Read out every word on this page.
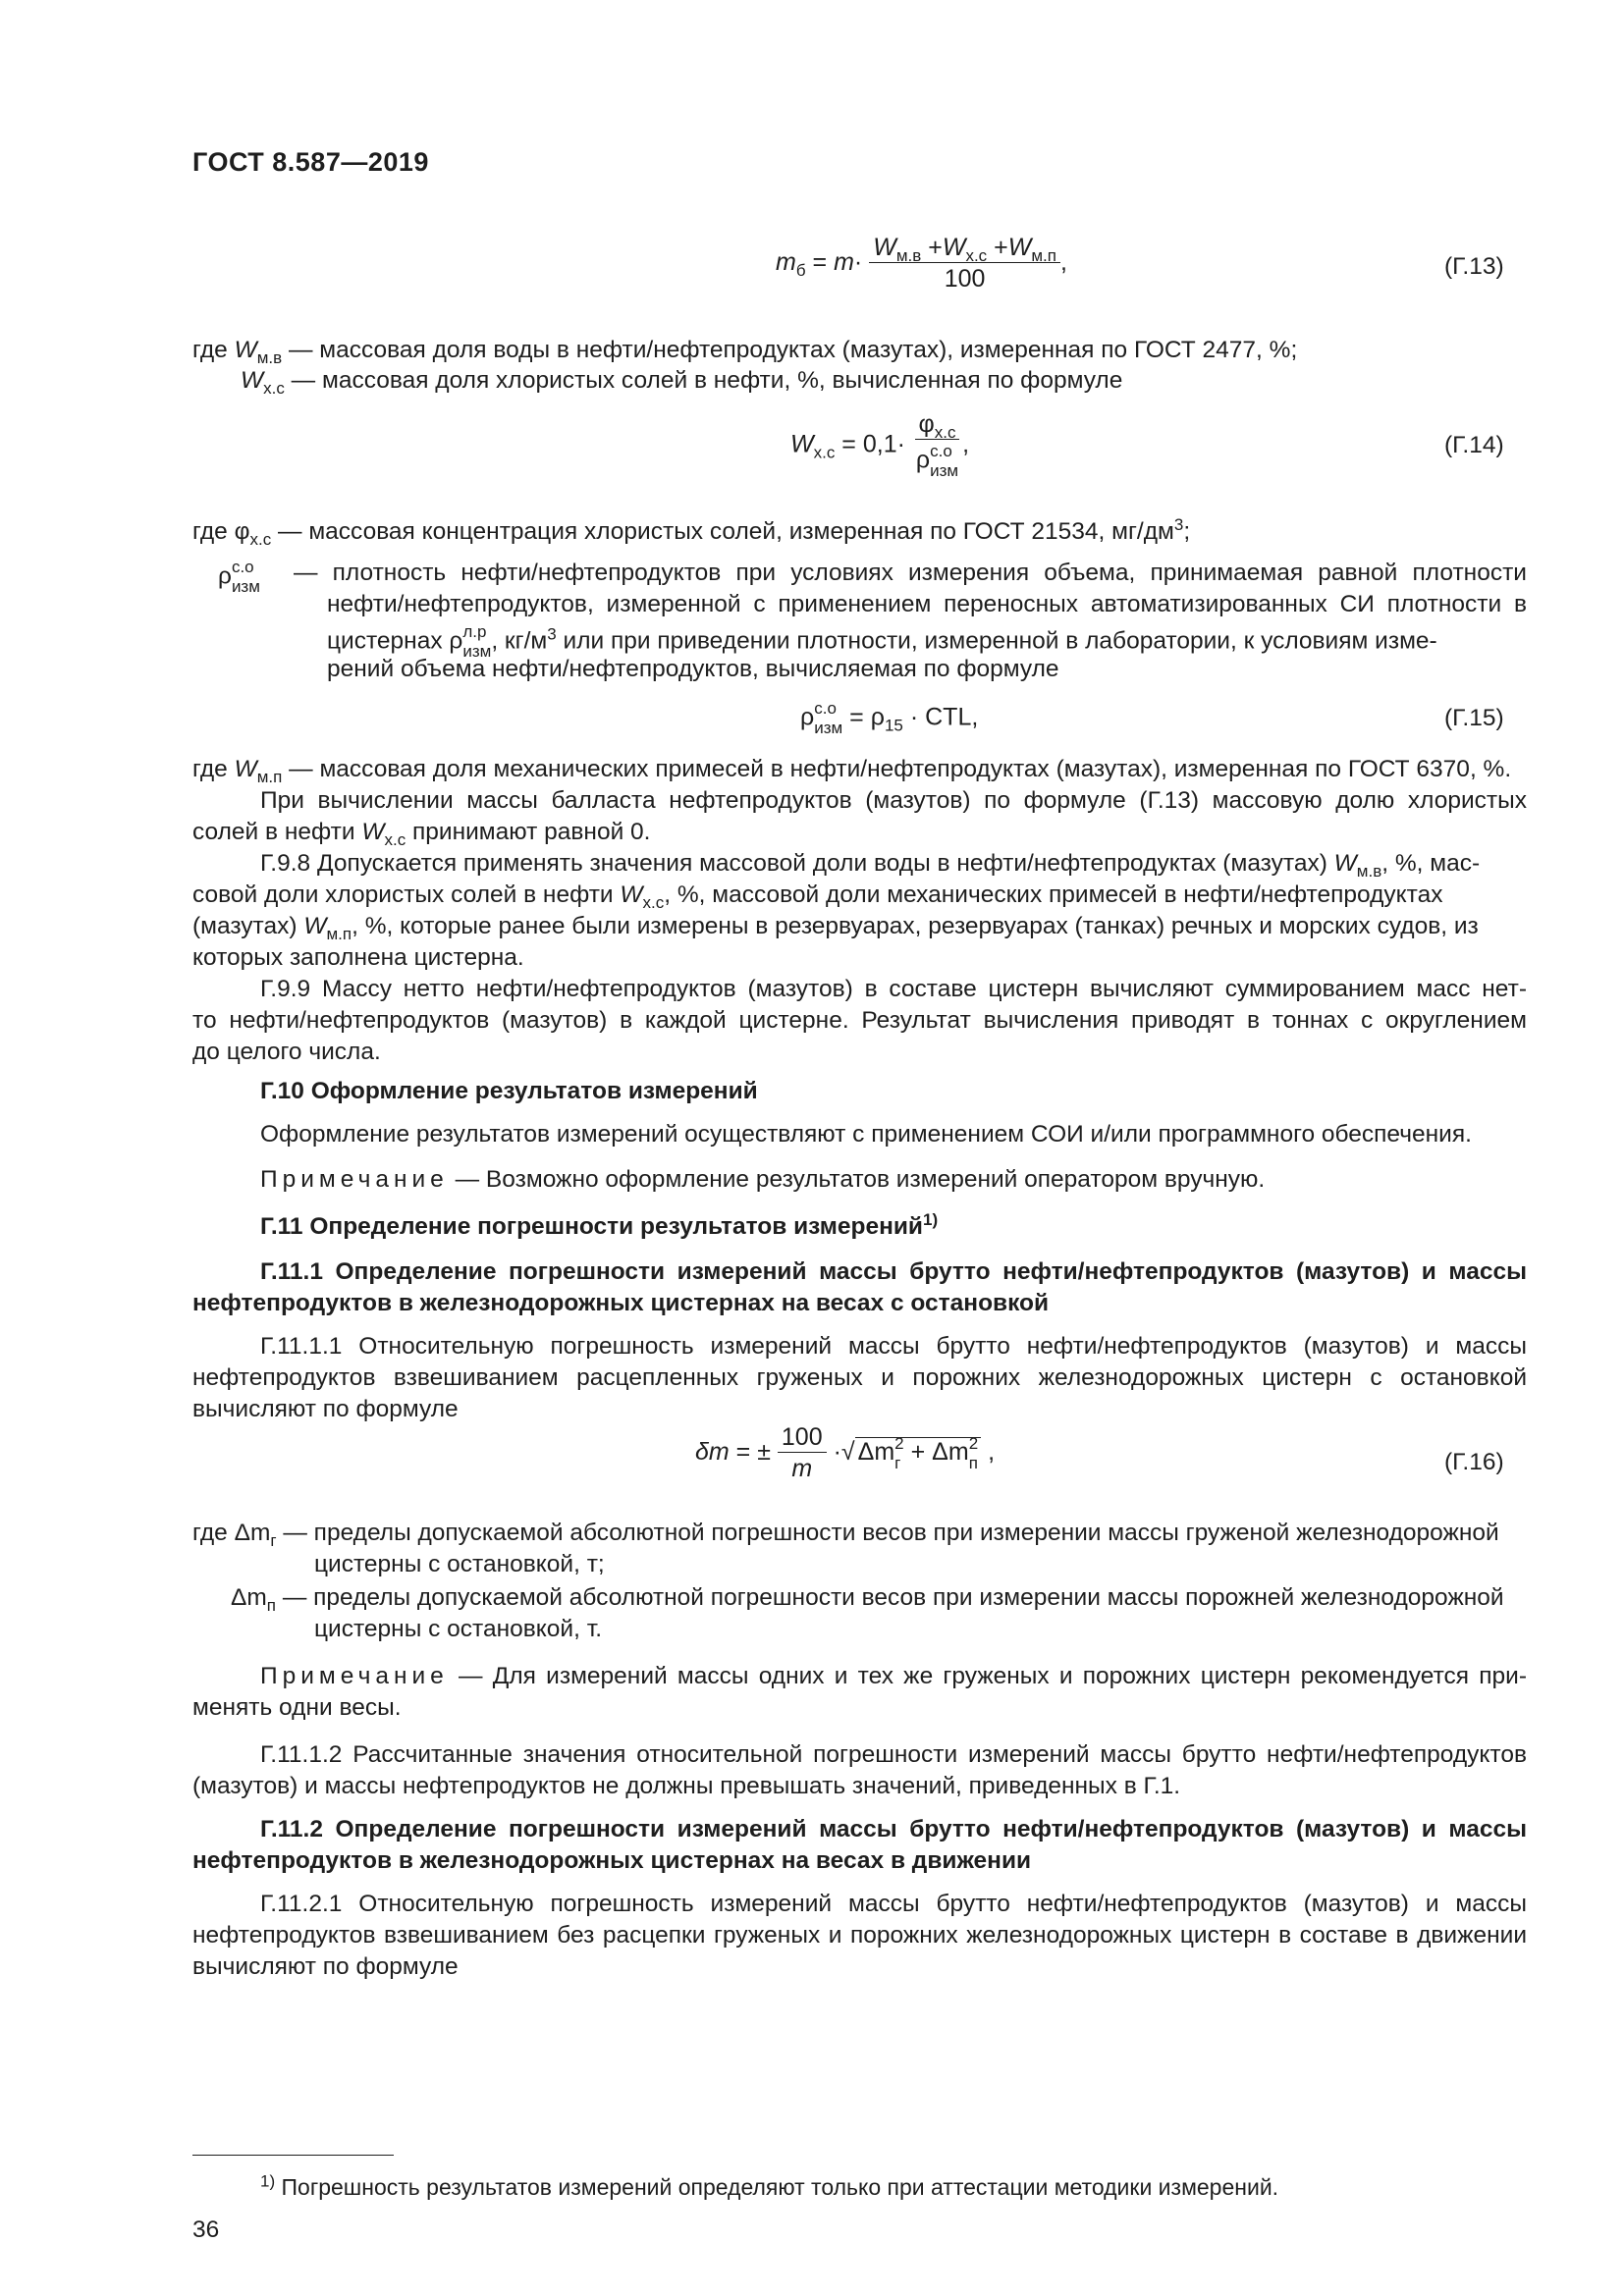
ГОСТ 8.587—2019
$m_б = m\cdot \frac{W_{м.в} +W_{х.с} +W_{м.п}}{100}$ ,	(Г.13)
где $W_{м.в}$ — массовая доля воды в нефти/нефтепродуктах (мазутах), измеренная по ГОСТ 2477, %;
$W_{х.с}$ — массовая доля хлористых солей в нефти, %, вычисленная по формуле
$W_{х.с} = 0,1\cdot \varphi_{х.с}$
ρ с.о
изм ,	(Г.14)
где $\varphi_{х.с}$ — массовая концентрация хлористых солей, измеренная по ГОСТ 21534, $мг/дм^3$;
ρ с.о
изм
— плотность нефти/нефтепродуктов при условиях измерения объема, принимаемая равной плотности
нефти/нефтепродуктов, измеренной с применением переносных автоматизированных СИ плотности в
цистернах ρ л.р
изм , $кг/м^3$ или при приведении плотности, измеренной в лаборатории, к условиям изме-
рений объема нефти/нефтепродуктов, вычисляемая по формуле
ρ с.о
изм = $\rho_{15}$ · CTL,	(Г.15)
где $W_{м.п}$ — массовая доля механических примесей в нефти/нефтепродуктах (мазутах), измеренная по ГОСТ 6370, %.
При вычислении массы балласта нефтепродуктов (мазутов) по формуле (Г.13) массовую долю хлористых
солей в нефти $W_{х.с}$ принимают равной 0.
Г.9.8 Допускается применять значения массовой доли воды в нефти/нефтепродуктах (мазутах) $W_{м.в}$, %, мас-
совой доли хлористых солей в нефти $W_{х.с}$, %, массовой доли механических примесей в нефти/нефтепродуктах
(мазутах) $W_{м.п}$, %, которые ранее были измерены в резервуарах, резервуарах (танках) речных и морских судов, из
которых заполнена цистерна.
Г.9.9 Массу нетто нефти/нефтепродуктов (мазутов) в составе цистерн вычисляют суммированием масс нет-
то нефти/нефтепродуктов (мазутов) в каждой цистерне. Результат вычисления приводят в тоннах с округлением
до целого числа.
Г.10 Оформление результатов измерений
Оформление результатов измерений осуществляют с применением СОИ и/или программного обеспечения.
Примечание — Возможно оформление результатов измерений оператором вручную.
Г.11 Определение погрешности результатов измерений$^{1)}$
Г.11.1 Определение погрешности измерений массы брутто нефти/нефтепродуктов (мазутов) и массы
нефтепродуктов в железнодорожных цистернах на весах с остановкой
Г.11.1.1 Относительную погрешность измерений массы брутто нефти/нефтепродуктов (мазутов) и массы
нефтепродуктов взвешиванием расцепленных груженых и порожних железнодорожных цистерн с остановкой
вычисляют по формуле
δm = ± $\frac{100}{m}$ ·√ Δm 2
г + Δm 2
п ,	(Г.16)
где $\Delta m_г$ — пределы допускаемой абсолютной погрешности весов при измерении массы груженой железнодорожной
цистерны с остановкой, т;
$\Delta m_п$ — пределы допускаемой абсолютной погрешности весов при измерении массы порожней железнодорожной
цистерны с остановкой, т.
Примечание — Для измерений массы одних и тех же груженых и порожних цистерн рекомендуется при-
менять одни весы.
Г.11.1.2 Рассчитанные значения относительной погрешности измерений массы брутто нефти/нефтепродуктов
(мазутов) и массы нефтепродуктов не должны превышать значений, приведенных в Г.1.
Г.11.2 Определение погрешности измерений массы брутто нефти/нефтепродуктов (мазутов) и массы
нефтепродуктов в железнодорожных цистернах на весах в движении
Г.11.2.1 Относительную погрешность измерений массы брутто нефти/нефтепродуктов (мазутов) и массы
нефтепродуктов взвешиванием без расцепки груженых и порожних железнодорожных цистерн в составе в движении
вычисляют по формуле
$^{1)}$ Погрешность результатов измерений определяют только при аттестации методики измерений.
36
